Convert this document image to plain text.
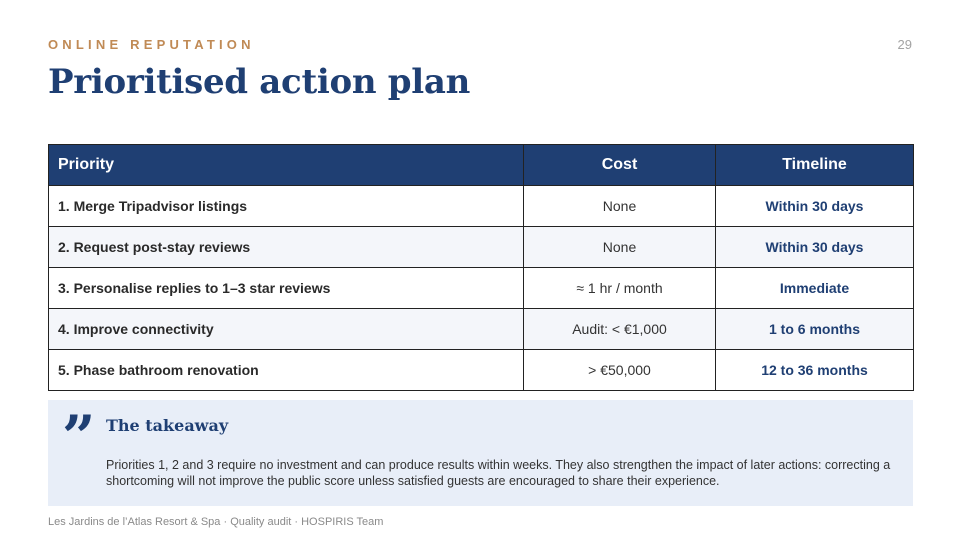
ONLINE REPUTATION	29
Prioritised action plan
Priority	Cost	Timeline
1. Merge Tripadvisor listings	None	Within 30 days
2. Request post-stay reviews	None	Within 30 days
3. Personalise replies to 1–3 star reviews	≈ 1 hr / month	Immediate
4. Improve connectivity	Audit: < €1,000	1 to 6 months
5. Phase bathroom renovation	> €50,000	12 to 36 months
” The takeaway
Priorities 1, 2 and 3 require no investment and can produce results within weeks. They also strengthen the impact of later actions: correcting a shortcoming will not improve the public score unless satisfied guests are encouraged to share their experience.
Les Jardins de l’Atlas Resort & Spa · Quality audit · HOSPIRIS Team
